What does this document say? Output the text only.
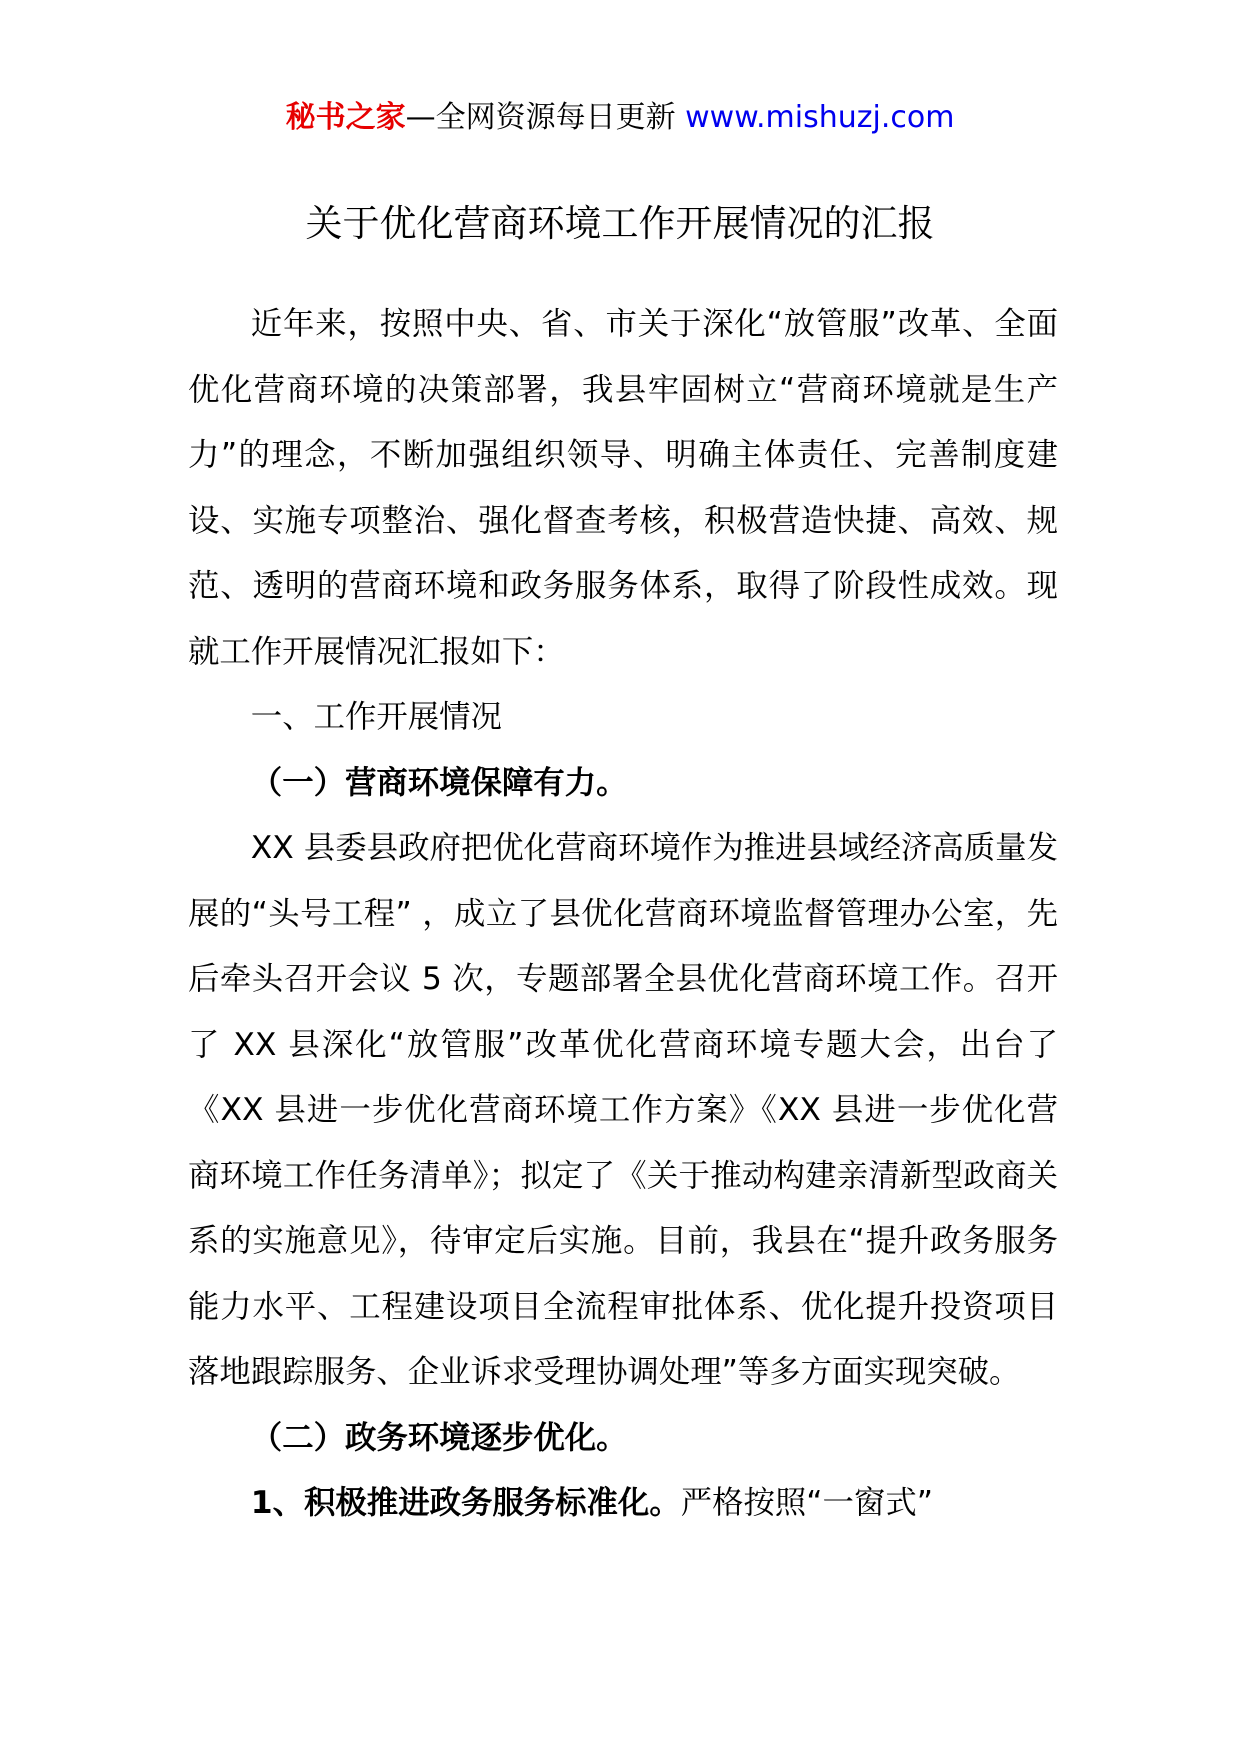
秘书之家—全网资源每日更新 www.mishuzj.com
关于优化营商环境工作开展情况的汇报

近年来，按照中央、省、市关于深化“放管服”改革、全面优化营商环境的决策部署，我县牢固树立“营商环境就是生产力”的理念，不断加强组织领导、明确主体责任、完善制度建设、实施专项整治、强化督查考核，积极营造快捷、高效、规范、透明的营商环境和政务服务体系，取得了阶段性成效。现就工作开展情况汇报如下：

一、工作开展情况

（一）营商环境保障有力。

XX 县委县政府把优化营商环境作为推进县域经济高质量发展的“头号工程” ，成立了县优化营商环境监督管理办公室，先后牵头召开会议 5 次，专题部署全县优化营商环境工作。召开了 XX 县深化“放管服”改革优化营商环境专题大会，出台了《XX 县进一步优化营商环境工作方案》《XX 县进一步优化营商环境工作任务清单》；拟定了《关于推动构建亲清新型政商关系的实施意见》，待审定后实施。目前，我县在“提升政务服务能力水平、工程建设项目全流程审批体系、优化提升投资项目落地跟踪服务、企业诉求受理协调处理”等多方面实现突破。

（二）政务环境逐步优化。

1、积极推进政务服务标准化。严格按照“一窗式”
